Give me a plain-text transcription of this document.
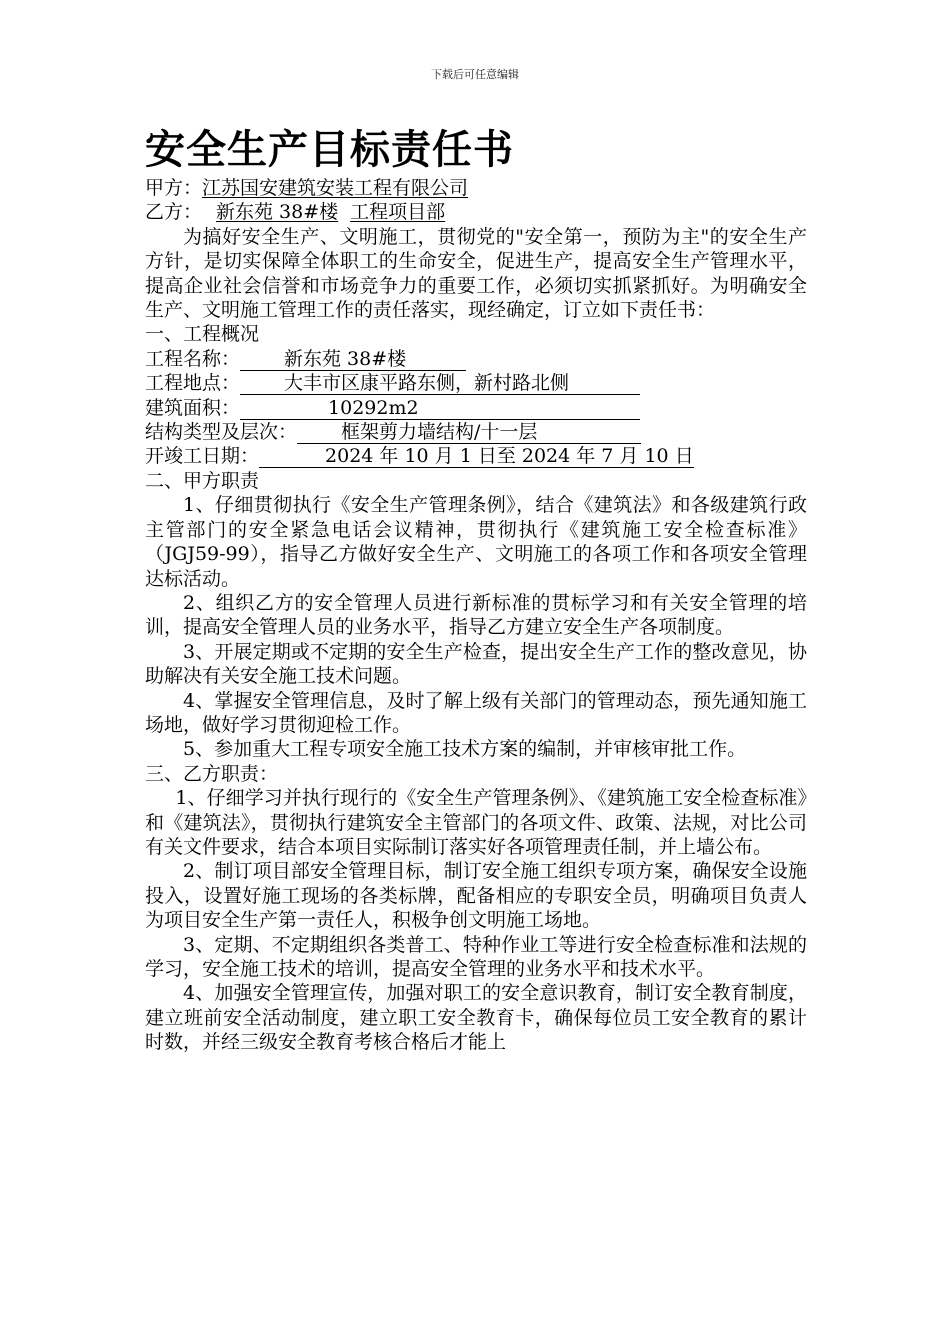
下载后可任意编辑
安全生产目标责任书
甲方：江苏国安建筑安装工程有限公司
乙方： 新东苑 38#楼 工程项目部
为搞好安全生产、文明施工，贯彻党的"安全第一，预防为主"的安全生产方针，是切实保障全体职工的生命安全，促进生产，提高安全生产管理水平，提高企业社会信誉和市场竞争力的重要工作，必须切实抓紧抓好。为明确安全生产、文明施工管理工作的责任落实，现经确定，订立如下责任书：
一、工程概况
工程名称： 新东苑 38#楼
工程地点： 大丰市区康平路东侧，新村路北侧
建筑面积：	10292m2
结构类型及层次： 框架剪力墙结构/十一层
开竣工日期：	2024 年 10 月 1 日至 2024 年 7 月 10 日
二、甲方职责
1、仔细贯彻执行《安全生产管理条例》，结合《建筑法》和各级建筑行政主管部门的安全紧急电话会议精神，贯彻执行《建筑施工安全检查标准》（JGJ59-99），指导乙方做好安全生产、文明施工的各项工作和各项安全管理达标活动。
2、组织乙方的安全管理人员进行新标准的贯标学习和有关安全管理的培训，提高安全管理人员的业务水平，指导乙方建立安全生产各项制度。
3、开展定期或不定期的安全生产检查，提出安全生产工作的整改意见，协助解决有关安全施工技术问题。
4、掌握安全管理信息，及时了解上级有关部门的管理动态，预先通知施工场地，做好学习贯彻迎检工作。
5、参加重大工程专项安全施工技术方案的编制，并审核审批工作。
三、乙方职责：
1、仔细学习并执行现行的《安全生产管理条例》、《建筑施工安全检查标准》和《建筑法》，贯彻执行建筑安全主管部门的各项文件、政策、法规，对比公司有关文件要求，结合本项目实际制订落实好各项管理责任制，并上墙公布。
2、制订项目部安全管理目标，制订安全施工组织专项方案，确保安全设施投入，设置好施工现场的各类标牌，配备相应的专职安全员，明确项目负责人为项目安全生产第一责任人，积极争创文明施工场地。
3、定期、不定期组织各类普工、特种作业工等进行安全检查标准和法规的学习，安全施工技术的培训，提高安全管理的业务水平和技术水平。
4、加强安全管理宣传，加强对职工的安全意识教育，制订安全教育制度，建立班前安全活动制度，建立职工安全教育卡，确保每位员工安全教育的累计时数，并经三级安全教育考核合格后才能上
